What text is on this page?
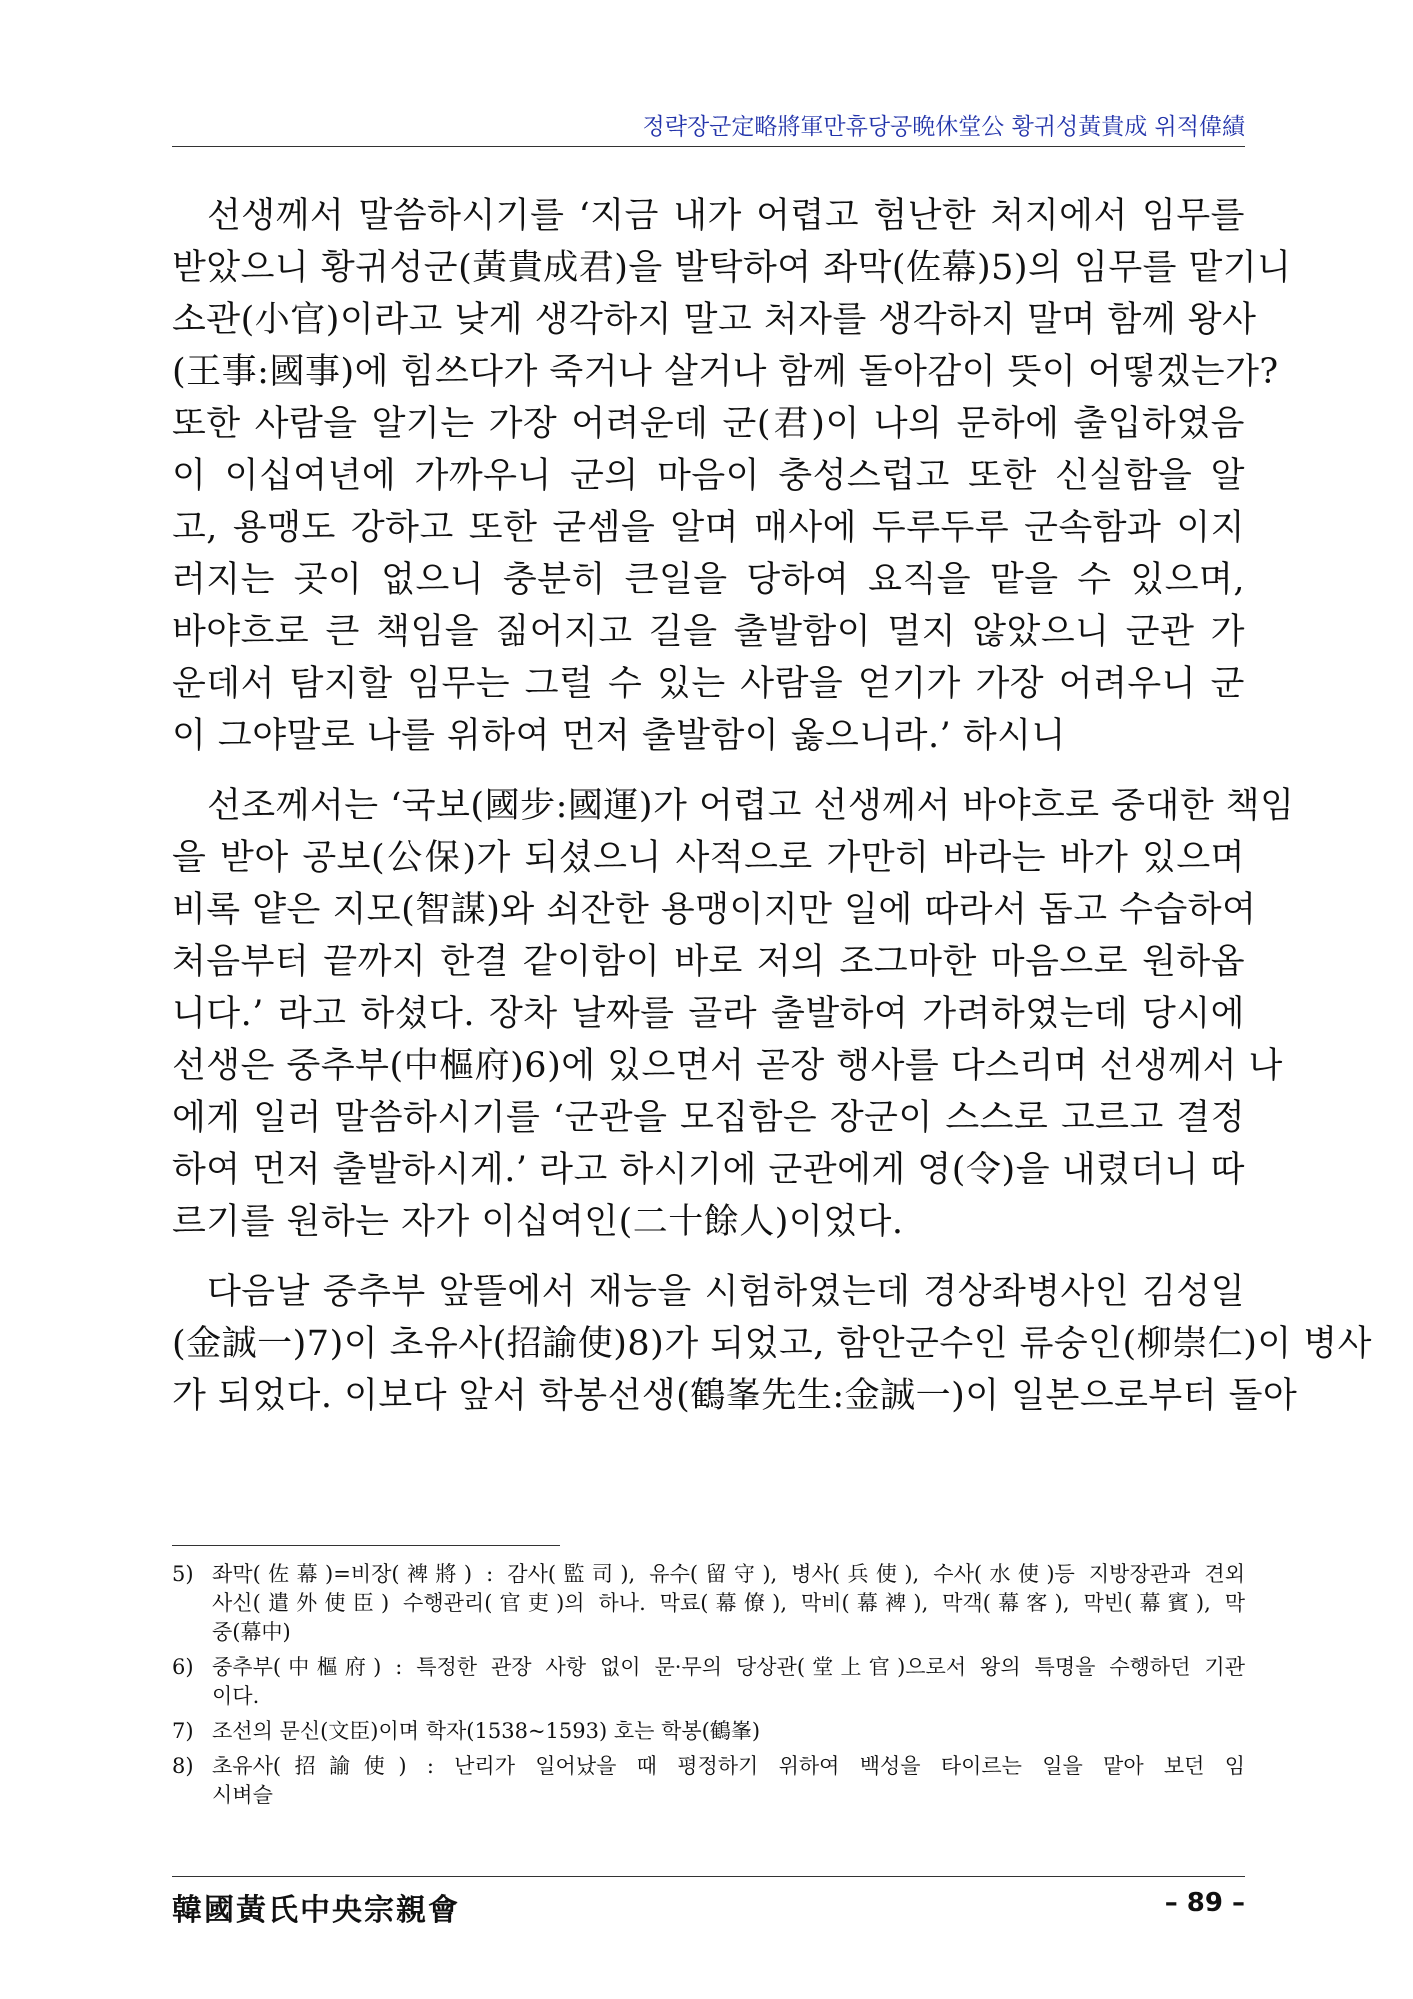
정략장군定略將軍만휴당공晩休堂公 황귀성黃貴成 위적偉績
선생께서 말씀하시기를 ‘지금 내가 어렵고 험난한 처지에서 임무를
받았으니 황귀성군(黃貴成君)을 발탁하여 좌막(佐幕)5)의 임무를 맡기니
소관(小官)이라고 낮게 생각하지 말고 처자를 생각하지 말며 함께 왕사
(王事:國事)에 힘쓰다가 죽거나 살거나 함께 돌아감이 뜻이 어떻겠는가?
또한 사람을 알기는 가장 어려운데 군(君)이 나의 문하에 출입하였음
이 이십여년에 가까우니 군의 마음이 충성스럽고 또한 신실함을 알
고, 용맹도 강하고 또한 굳셈을 알며 매사에 두루두루 군속함과 이지
러지는 곳이 없으니 충분히 큰일을 당하여 요직을 맡을 수 있으며,
바야흐로 큰 책임을 짊어지고 길을 출발함이 멀지 않았으니 군관 가
운데서 탐지할 임무는 그럴 수 있는 사람을 얻기가 가장 어려우니 군
이 그야말로 나를 위하여 먼저 출발함이 옳으니라.’ 하시니
선조께서는 ‘국보(國步:國運)가 어렵고 선생께서 바야흐로 중대한 책임
을 받아 공보(公保)가 되셨으니 사적으로 가만히 바라는 바가 있으며
비록 얕은 지모(智謀)와 쇠잔한 용맹이지만 일에 따라서 돕고 수습하여
처음부터 끝까지 한결 같이함이 바로 저의 조그마한 마음으로 원하옵
니다.’ 라고 하셨다. 장차 날짜를 골라 출발하여 가려하였는데 당시에
선생은 중추부(中樞府)6)에 있으면서 곧장 행사를 다스리며 선생께서 나
에게 일러 말씀하시기를 ‘군관을 모집함은 장군이 스스로 고르고 결정
하여 먼저 출발하시게.’ 라고 하시기에 군관에게 영(令)을 내렸더니 따
르기를 원하는 자가 이십여인(二十餘人)이었다.
다음날 중추부 앞뜰에서 재능을 시험하였는데 경상좌병사인 김성일
(金誠一)7)이 초유사(招諭使)8)가 되었고, 함안군수인 류숭인(柳崇仁)이 병사
가 되었다. 이보다 앞서 학봉선생(鶴峯先生:金誠一)이 일본으로부터 돌아
5) 좌막(佐幕)=비장(裨將) : 감사(監司), 유수(留守), 병사(兵使), 수사(水使)등 지방장관과 견외
사신(遣外使臣) 수행관리(官吏)의 하나. 막료(幕僚), 막비(幕裨), 막객(幕客), 막빈(幕賓), 막
중(幕中)
6) 중추부(中樞府) : 특정한 관장 사항 없이 문·무의 당상관(堂上官)으로서 왕의 특명을 수행하던 기관
이다.
7) 조선의 문신(文臣)이며 학자(1538~1593) 호는 학봉(鶴峯)
8) 초유사(招諭使) : 난리가 일어났을 때 평정하기 위하여 백성을 타이르는 일을 맡아 보던 임
시벼슬
韓國黃氏中央宗親會	– 89 –
